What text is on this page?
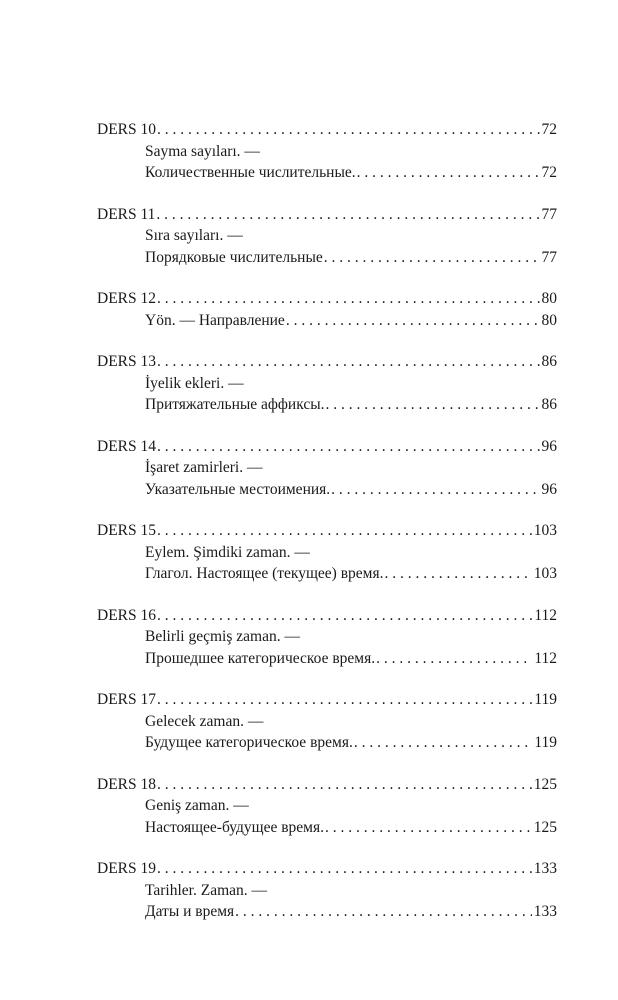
DERS 10 . . .	72
Sayma sayıları. —
Количественные числительные. . . .	72
DERS 11 . . .	77
Sıra sayıları. —
Порядковые числительные . . .	77
DERS 12 . . .	80
Yön. — Направление . . .	80
DERS 13 . . .	86
İyelik ekleri. —
Притяжательные аффиксы. . . .	86
DERS 14 . . .	96
İşaret zamirleri. —
Указательные местоимения. . . .	96
DERS 15 . . .	103
Eylem. Şimdiki zaman. —
Глагол. Настоящее (текущее) время. . . .	103
DERS 16 . . .	112
Belirli geçmiş zaman. —
Прошедшее категорическое время. . . .	112
DERS 17 . . .	119
Gelecek zaman. —
Будущее категорическое время. . . .	119
DERS 18 . . .	125
Geniş zaman. —
Настоящее-будущее время. . . .	125
DERS 19 . . .	133
Tarihler. Zaman. —
Даты и время . . .	133
